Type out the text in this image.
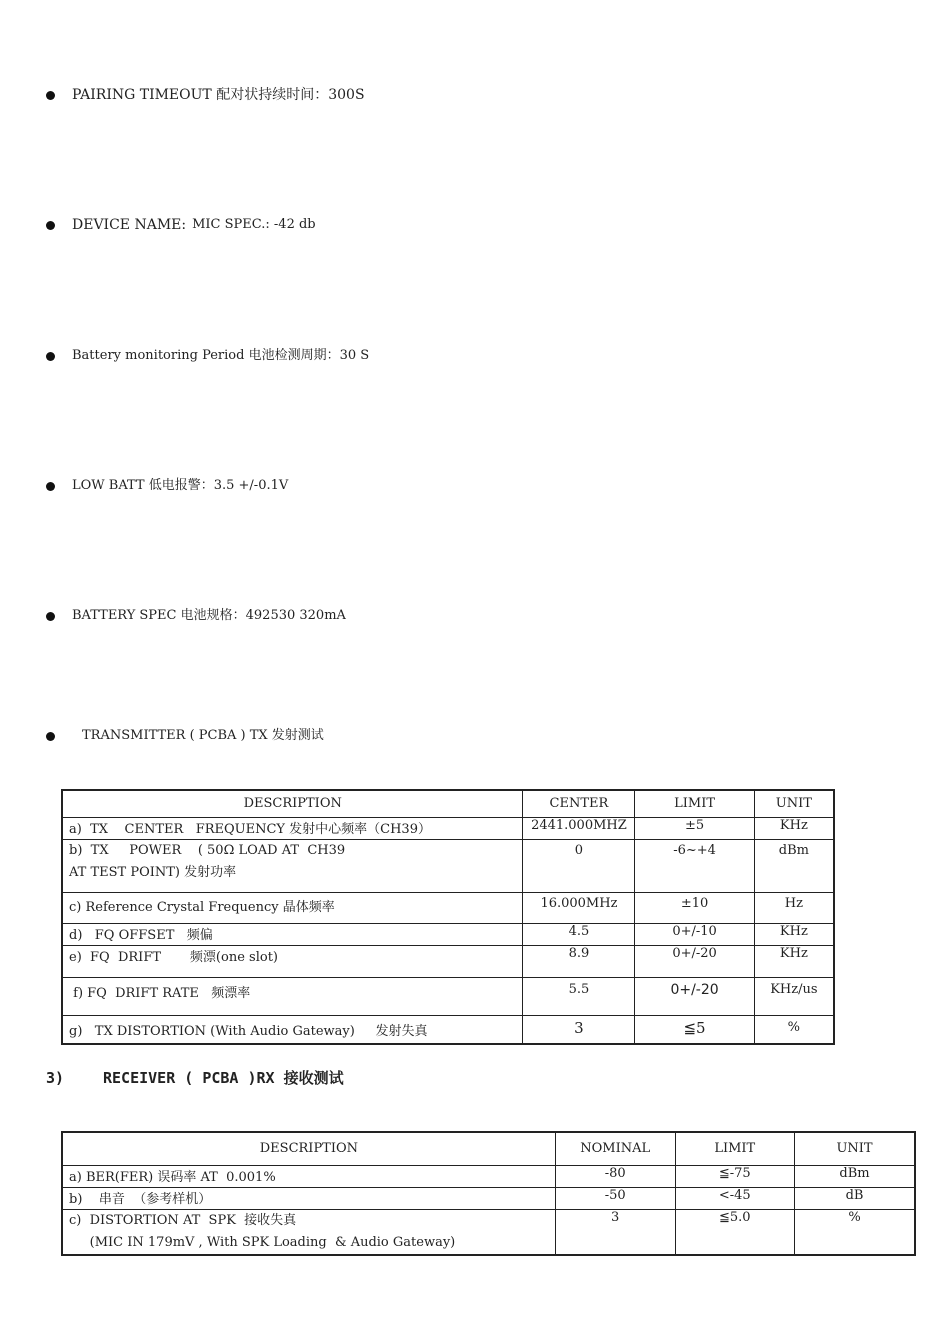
PAIRING TIMEOUT 配对状持续时间：300S
DEVICE NAME: MIC SPEC.: -42 db
Battery monitoring Period 电池检测周期：30 S
LOW BATT 低电报警：3.5 +/-0.1V
BATTERY SPEC 电池规格：492530 320mA
TRANSMITTER ( PCBA ) TX 发射测试
DESCRIPTION	CENTER	LIMIT	UNIT
a)  TX    CENTER   FREQUENCY 发射中心频率（CH39）	2441.000MHZ	±5	KHz

b)  TX     POWER    ( 50Ω LOAD AT  CH39
AT TEST POINT) 发射功率	0	-6~+4	dBm
c) Reference Crystal Frequency 晶体频率	16.000MHz	±10	Hz
d)   FQ OFFSET   频偏	4.5	0+/-10	KHz
e)  FQ  DRIFT       频漂(one slot)	8.9	0+/-20	KHz
f) FQ  DRIFT RATE   频漂率	5.5	0+/-20	KHz/us
g)   TX DISTORTION (With Audio Gateway)     发射失真	3	≦5	%
3)	RECEIVER ( PCBA )RX 接收测试
DESCRIPTION	NOMINAL	LIMIT	UNIT
a) BER(FER) 误码率 AT  0.001%	-80	≦-75	dBm
b)    串音  （参考样机）	-50	<-45	dB

c)  DISTORTION AT  SPK  接收失真
(MIC IN 179mV , With SPK Loading  & Audio Gateway)	3	≦5.0	%
